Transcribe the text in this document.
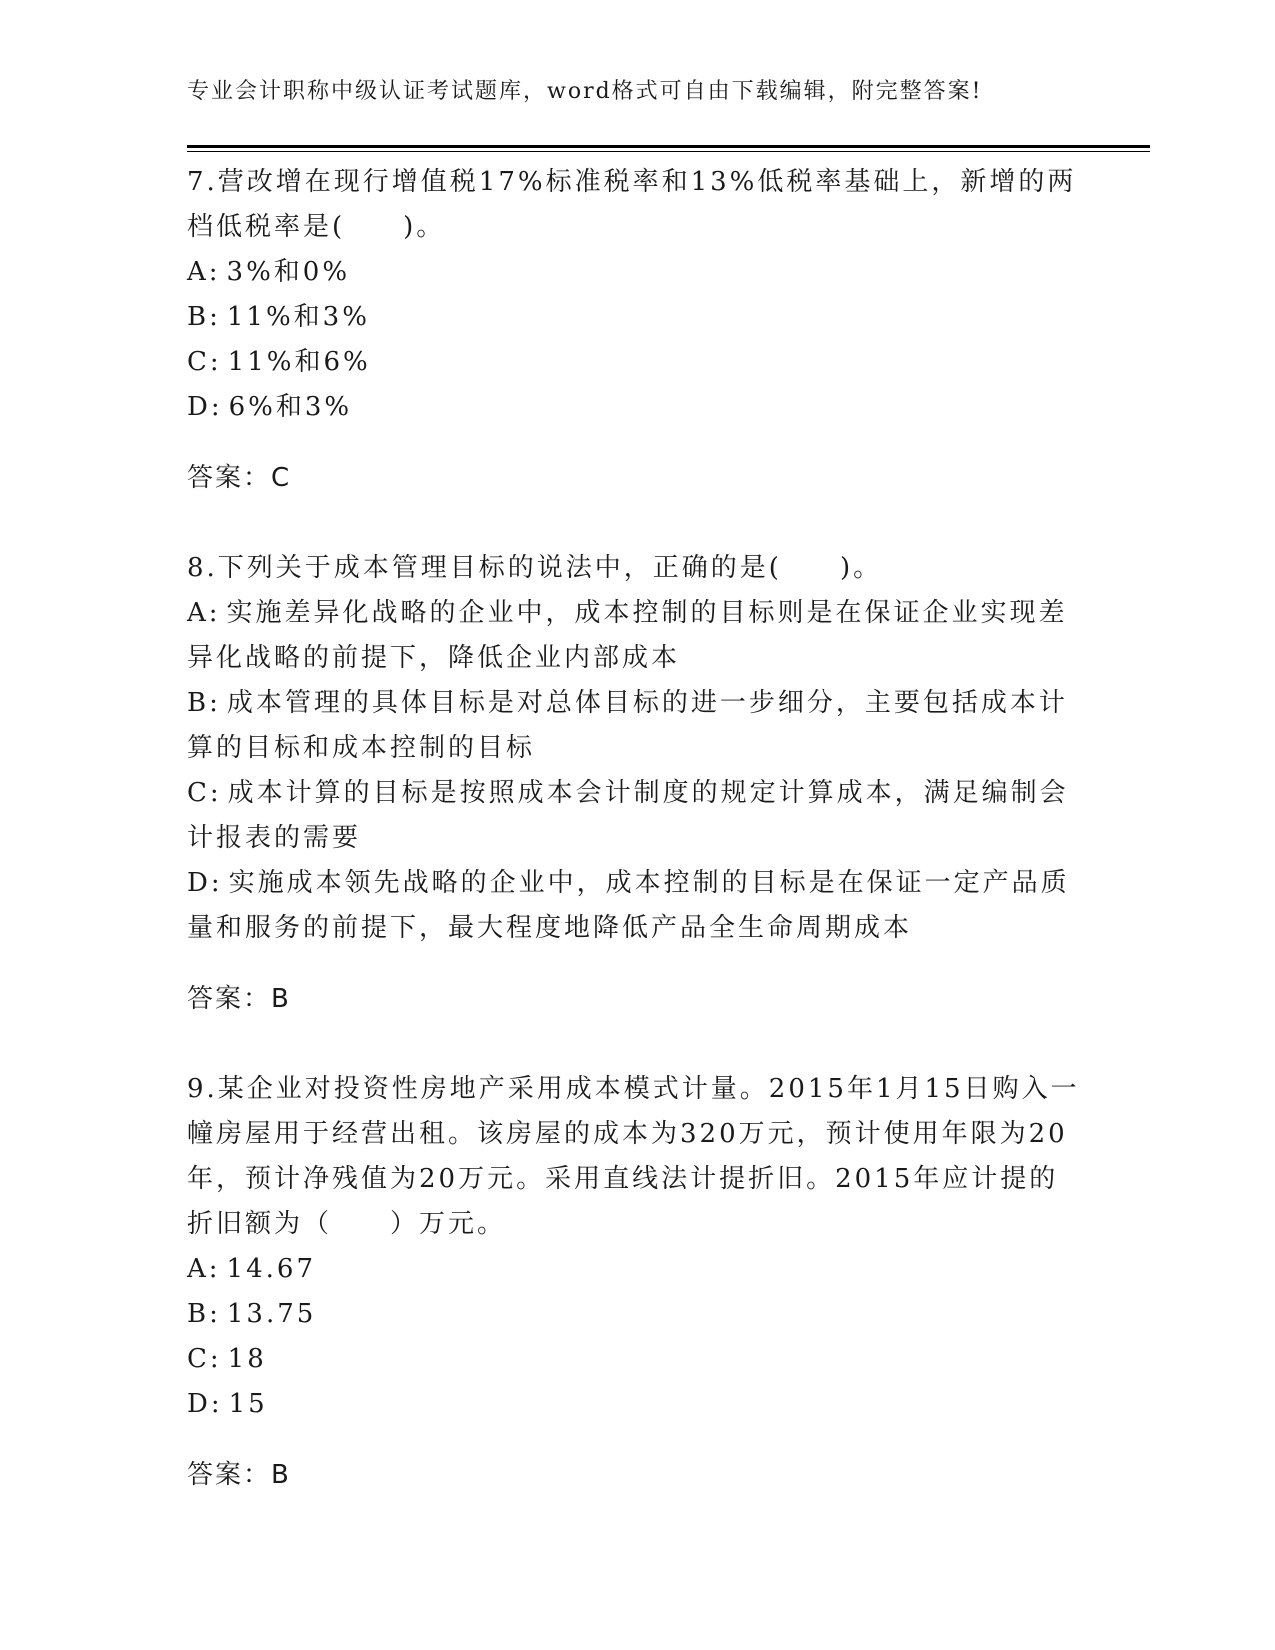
专业会计职称中级认证考试题库，word格式可自由下载编辑，附完整答案!

7.营改增在现行增值税17%标准税率和13%低税率基础上，新增的两档低税率是(　　)。

A: 3%和0%

B: 11%和3%

C: 11%和6%

D: 6%和3%

答案：C

8.下列关于成本管理目标的说法中，正确的是(　　)。

A: 实施差异化战略的企业中，成本控制的目标则是在保证企业实现差异化战略的前提下，降低企业内部成本

B: 成本管理的具体目标是对总体目标的进一步细分，主要包括成本计算的目标和成本控制的目标

C: 成本计算的目标是按照成本会计制度的规定计算成本，满足编制会计报表的需要

D: 实施成本领先战略的企业中，成本控制的目标是在保证一定产品质量和服务的前提下，最大程度地降低产品全生命周期成本

答案：B

9.某企业对投资性房地产采用成本模式计量。2015年1月15日购入一幢房屋用于经营出租。该房屋的成本为320万元，预计使用年限为20年，预计净残值为20万元。采用直线法计提折旧。2015年应计提的折旧额为（　　）万元。

A: 14.67

B: 13.75

C: 18

D: 15

答案：B
